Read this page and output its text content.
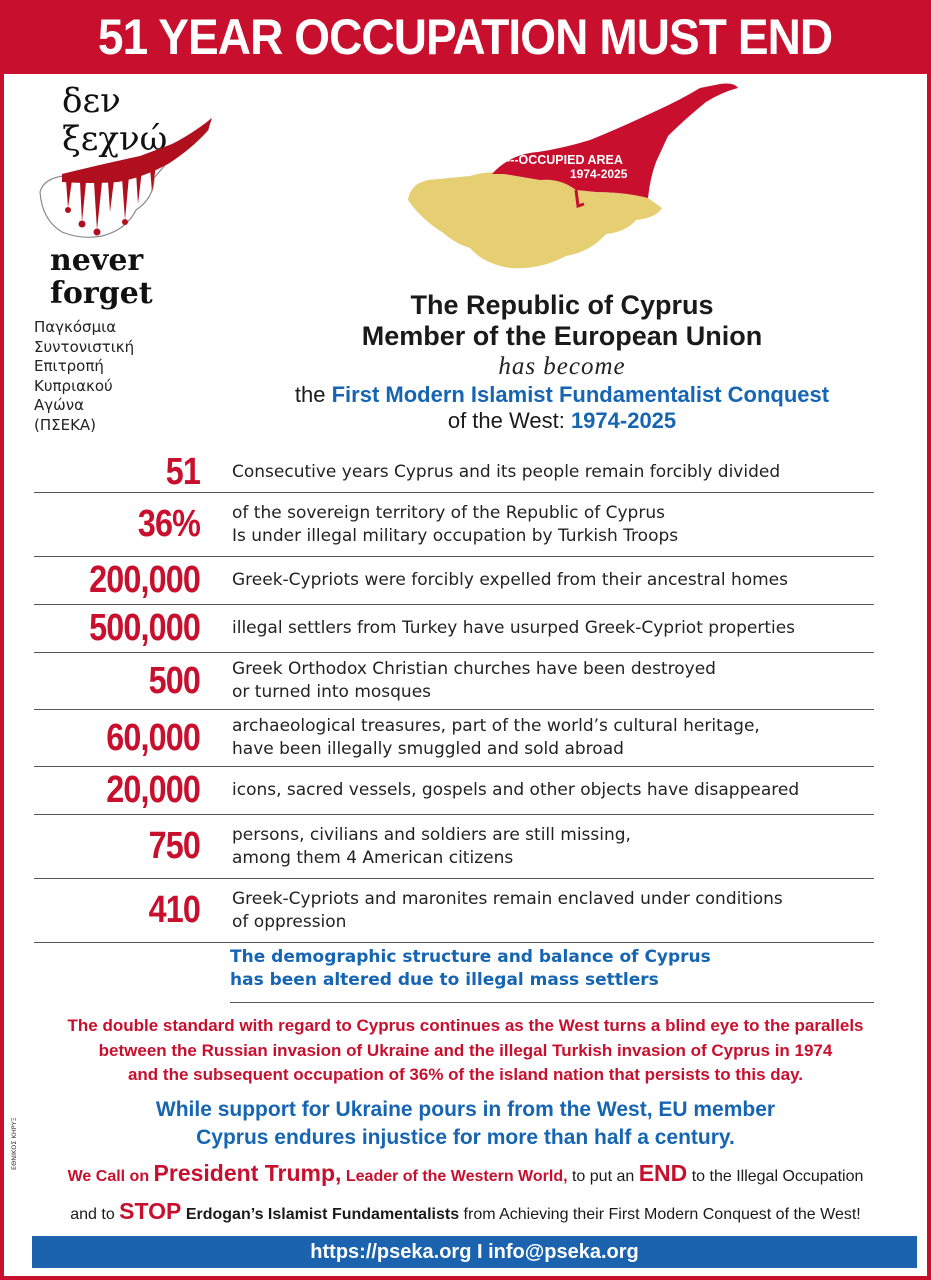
51 YEAR OCCUPATION MUST END
δεν
ξεχνώ
never
forget
Παγκόσμια
Συντονιστική
Επιτροπή
Κυπριακού
Αγώνα
(ΠΣΕΚΑ)
---OCCUPIED AREA
1974-2025
The Republic of Cyprus
Member of the European Union
has become
the First Modern Islamist Fundamentalist Conquest
of the West: 1974-2025
51 Consecutive years Cyprus and its people remain forcibly divided
36% of the sovereign territory of the Republic of Cyprus
Is under illegal military occupation by Turkish Troops
200,000 Greek-Cypriots were forcibly expelled from their ancestral homes
500,000 illegal settlers from Turkey have usurped Greek-Cypriot properties
500 Greek Orthodox Christian churches have been destroyed
or turned into mosques
60,000 archaeological treasures, part of the world’s cultural heritage,
have been illegally smuggled and sold abroad
20,000 icons, sacred vessels, gospels and other objects have disappeared
750 persons, civilians and soldiers are still missing,
among them 4 American citizens
410 Greek-Cypriots and maronites remain enclaved under conditions
of oppression
The demographic structure and balance of Cyprus
has been altered due to illegal mass settlers
The double standard with regard to Cyprus continues as the West turns a blind eye to the parallels
between the Russian invasion of Ukraine and the illegal Turkish invasion of Cyprus in 1974
and the subsequent occupation of 36% of the island nation that persists to this day.
While support for Ukraine pours in from the West, EU member
Cyprus endures injustice for more than half a century.
We Call on President Trump, Leader of the Western World, to put an END to the Illegal Occupation
and to STOP Erdogan’s Islamist Fundamentalists from Achieving their First Modern Conquest of the West!
ΕΘΝΙΚΟΣ ΚΗΡΥΞ
https://pseka.org I info@pseka.org
